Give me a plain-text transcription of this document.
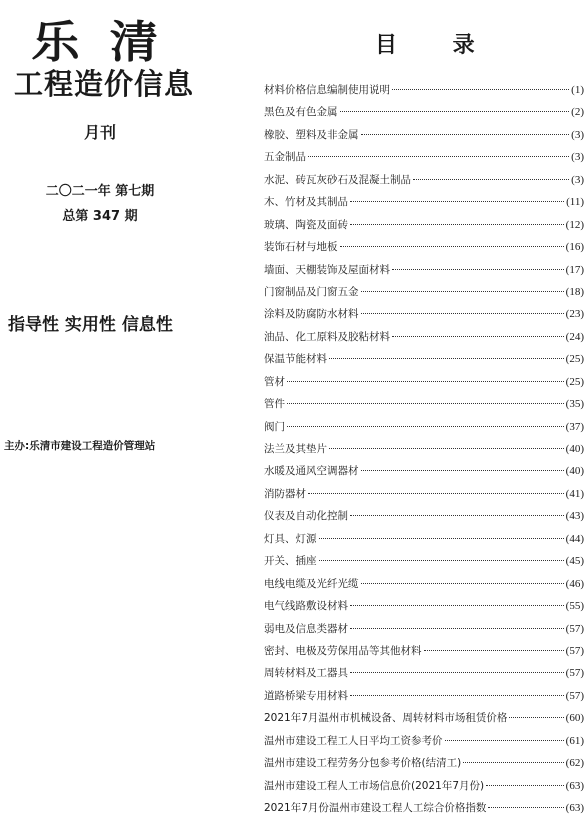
乐 清
工程造价信息
月刊
二〇二一年 第七期
总第 347 期
指导性 实用性 信息性
主办:乐清市建设工程造价管理站
目 录
材料价格信息编制使用说明	(1)
黑色及有色金属	(2)
橡胶、塑料及非金属	(3)
五金制品	(3)
水泥、砖瓦灰砂石及混凝土制品	(3)
木、竹材及其制品	(11)
玻璃、陶瓷及面砖	(12)
装饰石材与地板	(16)
墙面、天棚装饰及屋面材料	(17)
门窗制品及门窗五金	(18)
涂料及防腐防水材料	(23)
油品、化工原料及胶粘材料	(24)
保温节能材料	(25)
管材	(25)
管件	(35)
阀门	(37)
法兰及其垫片	(40)
水暖及通风空调器材	(40)
消防器材	(41)
仪表及自动化控制	(43)
灯具、灯源	(44)
开关、插座	(45)
电线电缆及光纤光缆	(46)
电气线路敷设材料	(55)
弱电及信息类器材	(57)
密封、电极及劳保用品等其他材料	(57)
周转材料及工器具	(57)
道路桥梁专用材料	(57)
2021年7月温州市机械设备、周转材料市场租赁价格	(60)
温州市建设工程工人日平均工资参考价	(61)
温州市建设工程劳务分包参考价格(结清工)	(62)
温州市建设工程人工市场信息价(2021年7月份)	(63)
2021年7月份温州市建设工程人工综合价格指数	(63)
